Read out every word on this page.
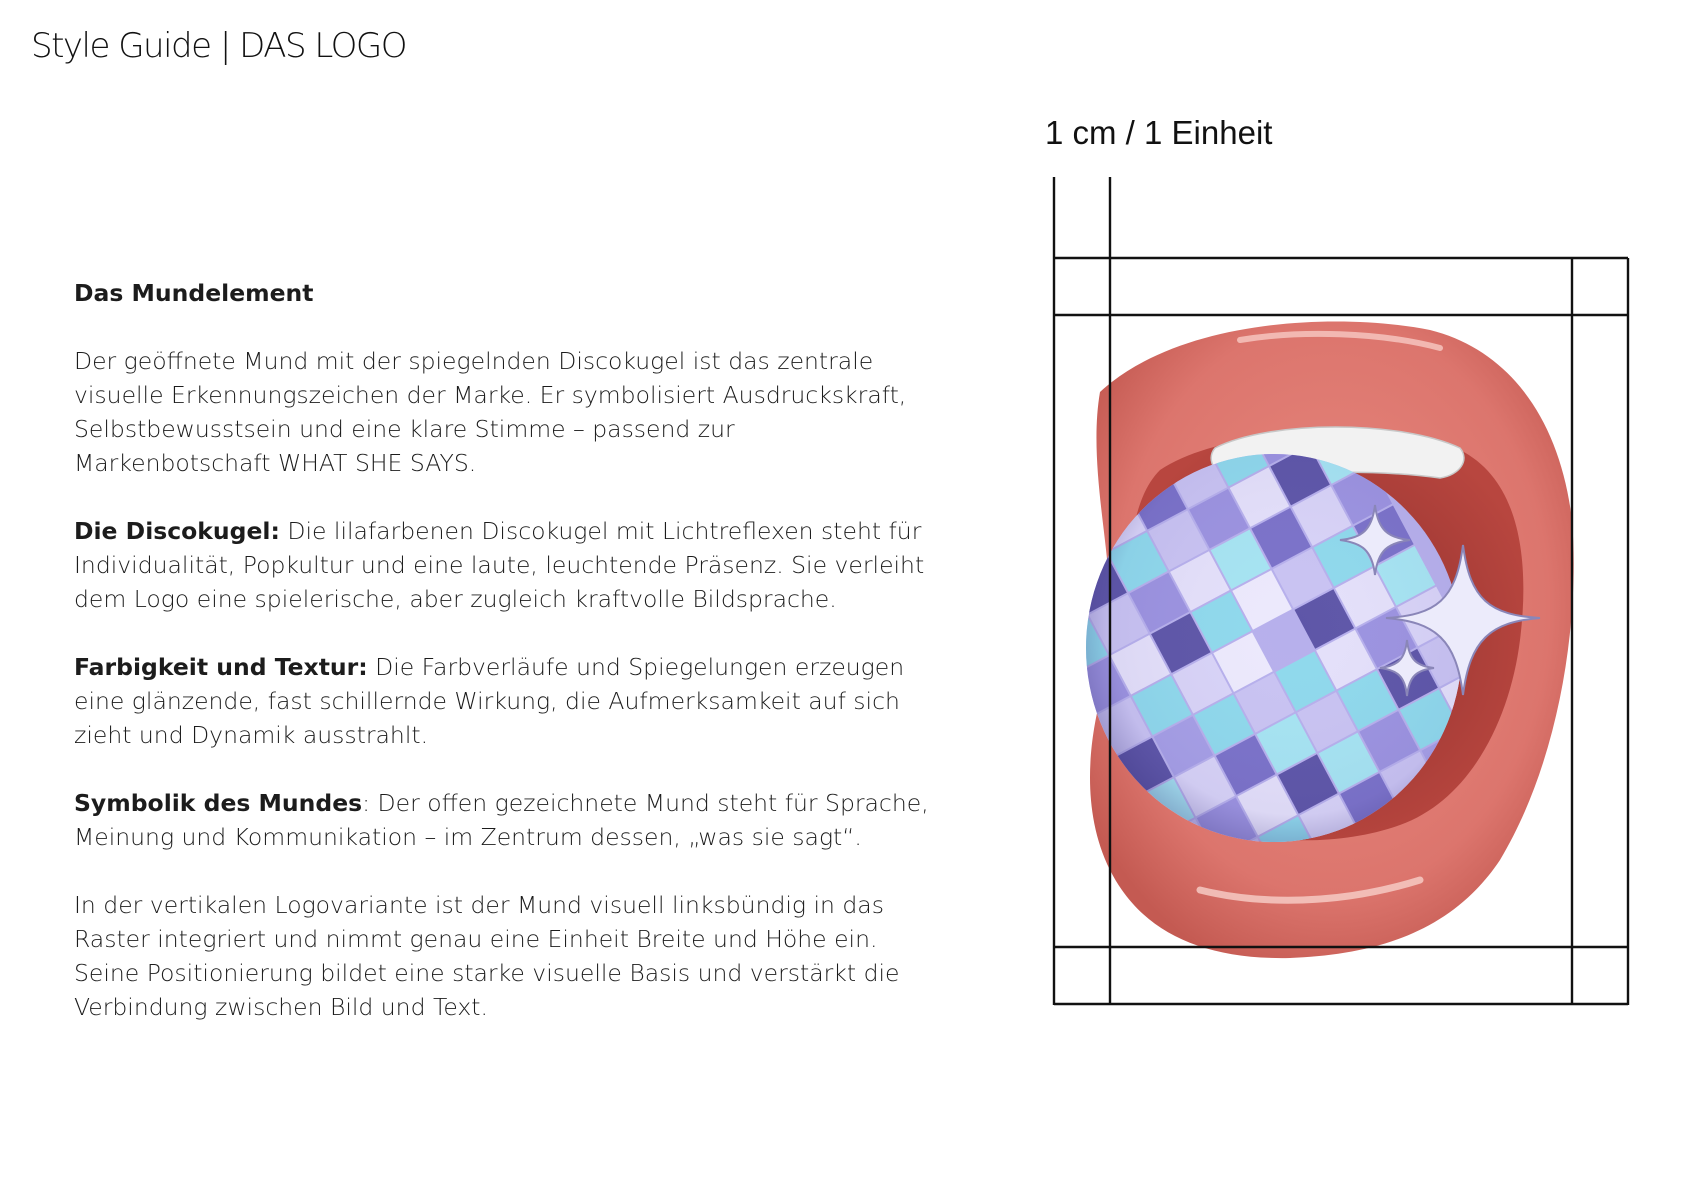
Style Guide | DAS LOGO

Das Mundelement

Der geöffnete Mund mit der spiegelnden Discokugel ist das zentrale visuelle Erkennungszeichen der Marke. Er symbolisiert Ausdruckskraft, Selbstbewusstsein und eine klare Stimme – passend zur Markenbotschaft WHAT SHE SAYS.

Die Discokugel: Die lilafarbenen Discokugel mit Lichtreflexen steht für Individualität, Popkultur und eine laute, leuchtende Präsenz. Sie verleiht dem Logo eine spielerische, aber zugleich kraftvolle Bildsprache.

Farbigkeit und Textur: Die Farbverläufe und Spiegelungen erzeugen eine glänzende, fast schillernde Wirkung, die Aufmerksamkeit auf sich zieht und Dynamik ausstrahlt.

Symbolik des Mundes: Der offen gezeichnete Mund steht für Sprache, Meinung und Kommunikation – im Zentrum dessen, „was sie sagt“.

In der vertikalen Logovariante ist der Mund visuell linksbündig in das Raster integriert und nimmt genau eine Einheit Breite und Höhe ein. Seine Positionierung bildet eine starke visuelle Basis und verstärkt die Verbindung zwischen Bild und Text.

1 cm / 1 Einheit
